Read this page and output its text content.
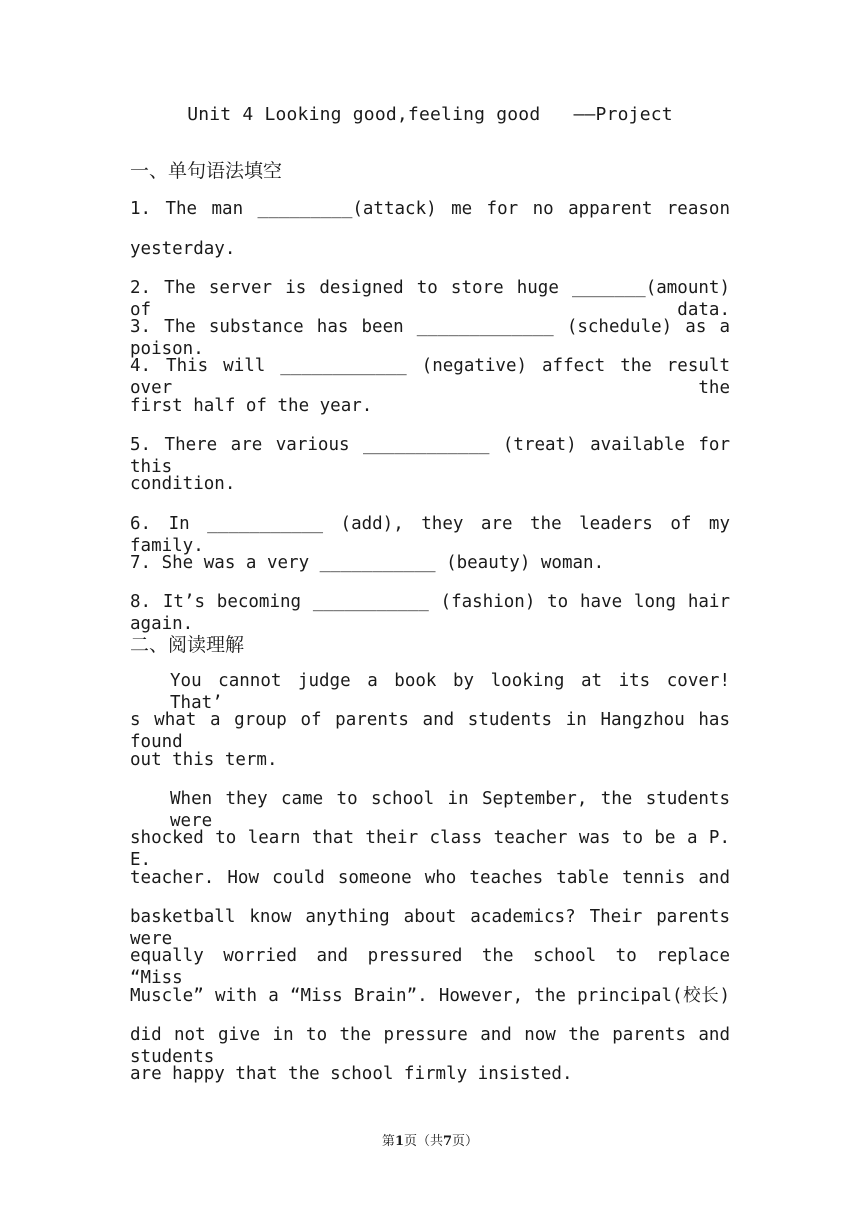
Unit 4 Looking good,feeling good   ——Project
一、单句语法填空
1. The man _________(attack) me for no apparent reason
yesterday.
2. The server is designed to store huge _______(amount) of data.
3. The substance has been _____________ (schedule) as a poison.
4. This will ____________ (negative) affect the result over the
first half of the year.
5. There are various ____________ (treat) available for this
condition.
6. In ___________ (add), they are the leaders of my family.
7. She was a very ___________ (beauty) woman.
8. It’s becoming ___________ (fashion) to have long hair again.
二、阅读理解
You cannot judge a book by looking at its cover! That’
s what a group of parents and students in Hangzhou has found
out this term.
When they came to school in September, the students were
shocked to learn that their class teacher was to be a P. E.
teacher. How could someone who teaches table tennis and
basketball know anything about academics? Their parents were
equally worried and pressured the school to replace “Miss
Muscle” with a “Miss Brain”. However, the principal(校长)
did not give in to the pressure and now the parents and students
are happy that the school firmly insisted.
第1页（共7页）
